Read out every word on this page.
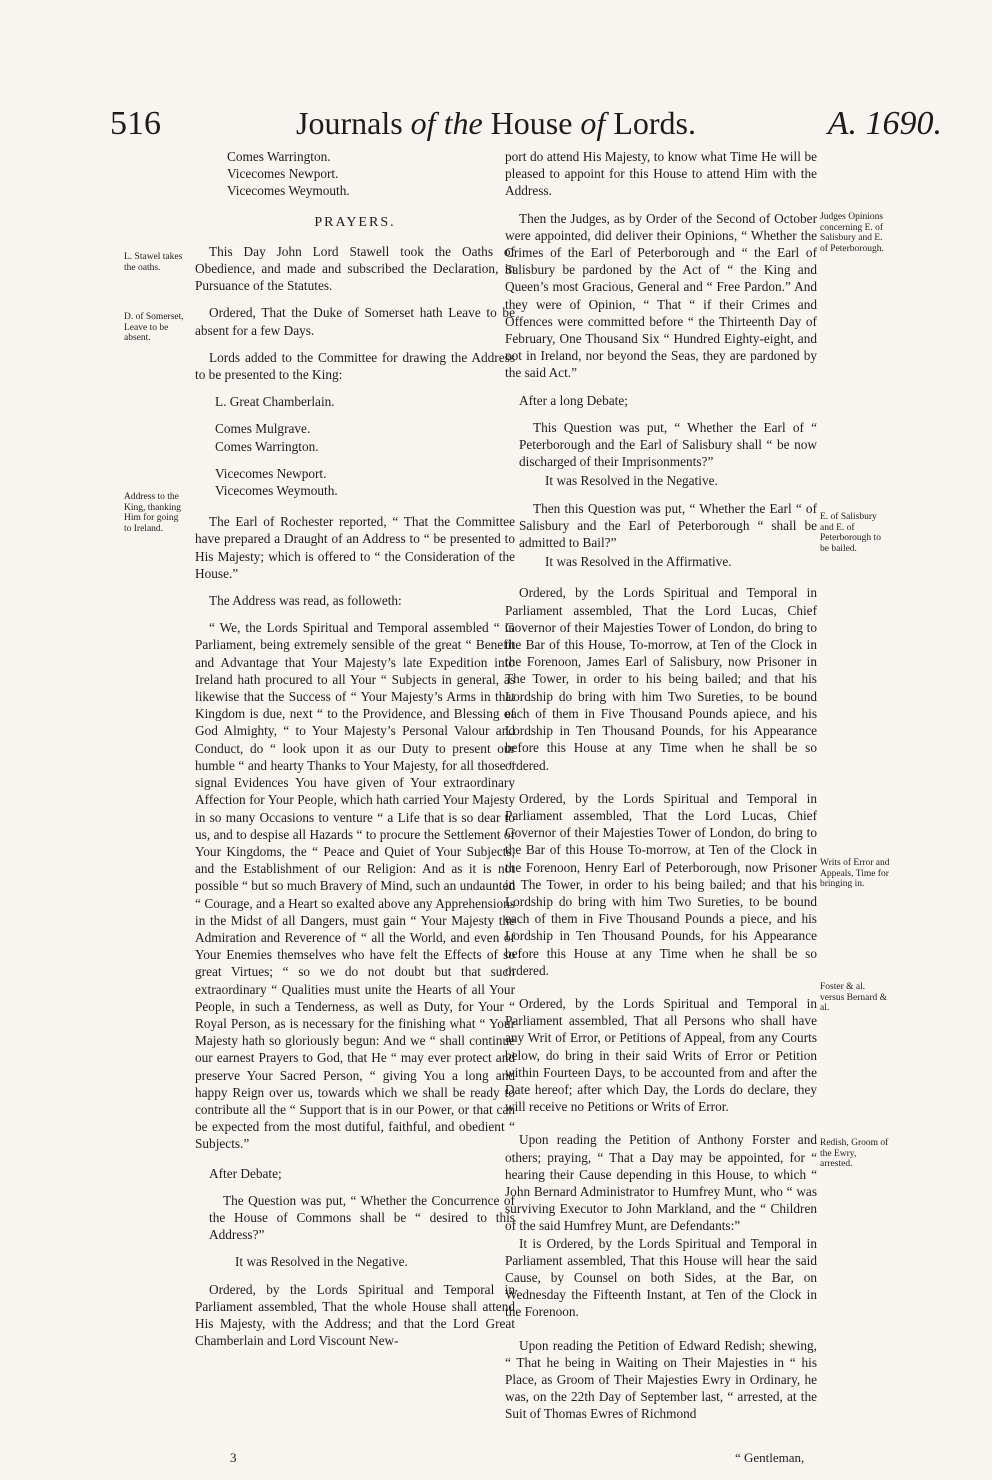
516	Journals of the House of Lords.	A. 1690.
Comes Warrington.
Vicecomes Newport.
Vicecomes Weymouth.
PRAYERS.

This Day John Lord Stawell took the Oaths of Obedience, and made and subscribed the Declaration, in Pursuance of the Statutes.

Ordered, That the Duke of Somerset hath Leave to be absent for a few Days.

Lords added to the Committee for drawing the Address to be presented to the King:

L. Great Chamberlain.
Comes Mulgrave.
Comes Warrington.
Vicecomes Newport.
Vicecomes Weymouth.

The Earl of Rochester reported, “ That the Committee have prepared a Draught of an Address to “ be presented to His Majesty; which is offered to “ the Consideration of the House.”

The Address was read, as followeth:

“ We, the Lords Spiritual and Temporal assembled “ in Parliament, being extremely sensible of the great “ Benefit and Advantage that Your Majesty’s late Expedition into Ireland hath procured to all Your “ Subjects in general, as likewise that the Success of “ Your Majesty’s Arms in that Kingdom is due, next “ to the Providence, and Blessing of God Almighty, “ to Your Majesty’s Personal Valour and Conduct, do “ look upon it as our Duty to present our humble “ and hearty Thanks to Your Majesty, for all those “ signal Evidences You have given of Your extraordinary Affection for Your People, which hath carried Your Majesty in so many Occasions to venture “ a Life that is so dear to us, and to despise all Hazards “ to procure the Settlement of Your Kingdoms, the “ Peace and Quiet of Your Subjects, and the Establishment of our Religion: And as it is not possible “ but so much Bravery of Mind, such an undaunted “ Courage, and a Heart so exalted above any Apprehensions in the Midst of all Dangers, must gain “ Your Majesty the Admiration and Reverence of “ all the World, and even of Your Enemies themselves who have felt the Effects of so great Virtues; “ so we do not doubt but that such extraordinary “ Qualities must unite the Hearts of all Your People, in such a Tenderness, as well as Duty, for Your “ Royal Person, as is necessary for the finishing what “ Your Majesty hath so gloriously begun: And we “ shall continue our earnest Prayers to God, that He “ may ever protect and preserve Your Sacred Person, “ giving You a long and happy Reign over us, towards which we shall be ready to contribute all the “ Support that is in our Power, or that can be expected from the most dutiful, faithful, and obedient “ Subjects.”

After Debate;

The Question was put, “ Whether the Concurrence of the House of Commons shall be “ desired to this Address?”

It was Resolved in the Negative.

Ordered, by the Lords Spiritual and Temporal in Parliament assembled, That the whole House shall attend His Majesty, with the Address; and that the Lord Great Chamberlain and Lord Viscount New-

port do attend His Majesty, to know what Time He will be pleased to appoint for this House to attend Him with the Address.

Then the Judges, as by Order of the Second of October were appointed, did deliver their Opinions, “ Whether the Crimes of the Earl of Peterborough and “ the Earl of Salisbury be pardoned by the Act of “ the King and Queen’s most Gracious, General and “ Free Pardon.” And they were of Opinion, “ That “ if their Crimes and Offences were committed before “ the Thirteenth Day of February, One Thousand Six “ Hundred Eighty-eight, and not in Ireland, nor beyond the Seas, they are pardoned by the said Act.”

After a long Debate;

This Question was put, “ Whether the Earl of “ Peterborough and the Earl of Salisbury shall “ be now discharged of their Imprisonments?”

It was Resolved in the Negative.

Then this Question was put, “ Whether the Earl “ of Salisbury and the Earl of Peterborough “ shall be admitted to Bail?”

It was Resolved in the Affirmative.

Ordered, by the Lords Spiritual and Temporal in Parliament assembled, That the Lord Lucas, Chief Governor of their Majesties Tower of London, do bring to the Bar of this House, To-morrow, at Ten of the Clock in the Forenoon, James Earl of Salisbury, now Prisoner in The Tower, in order to his being bailed; and that his Lordship do bring with him Two Sureties, to be bound each of them in Five Thousand Pounds apiece, and his Lordship in Ten Thousand Pounds, for his Appearance before this House at any Time when he shall be so ordered.

Ordered, by the Lords Spiritual and Temporal in Parliament assembled, That the Lord Lucas, Chief Governor of their Majesties Tower of London, do bring to the Bar of this House To-morrow, at Ten of the Clock in the Forenoon, Henry Earl of Peterborough, now Prisoner in The Tower, in order to his being bailed; and that his Lordship do bring with him Two Sureties, to be bound each of them in Five Thousand Pounds a piece, and his Lordship in Ten Thousand Pounds, for his Appearance before this House at any Time when he shall be so ordered.

Ordered, by the Lords Spiritual and Temporal in Parliament assembled, That all Persons who shall have any Writ of Error, or Petitions of Appeal, from any Courts below, do bring in their said Writs of Error or Petition within Fourteen Days, to be accounted from and after the Date hereof; after which Day, the Lords do declare, they will receive no Petitions or Writs of Error.

Upon reading the Petition of Anthony Forster and others; praying, “ That a Day may be appointed, for “ hearing their Cause depending in this House, to which “ John Bernard Administrator to Humfrey Munt, who “ was surviving Executor to John Markland, and the “ Children of the said Humfrey Munt, are Defendants:”

It is Ordered, by the Lords Spiritual and Temporal in Parliament assembled, That this House will hear the said Cause, by Counsel on both Sides, at the Bar, on Wednesday the Fifteenth Instant, at Ten of the Clock in the Forenoon.

Upon reading the Petition of Edward Redish; shewing, “ That he being in Waiting on Their Majesties in “ his Place, as Groom of Their Majesties Ewry in Ordinary, he was, on the 22th Day of September last, “ arrested, at the Suit of Thomas Ewres of Richmond

L. Stawel takes the oaths.
D. of Somerset, Leave to be absent.
Address to the King, thanking Him for going to Ireland.
Judges Opinions concerning E. of Salisbury and E. of Peterborough.
E. of Salisbury and E. of Peterborough to be bailed.
Writs of Error and Appeals, Time for bringing in.
Foster & al. versus Bernard & al.
Redish, Groom of the Ewry, arrested.
3	“ Gentleman,
